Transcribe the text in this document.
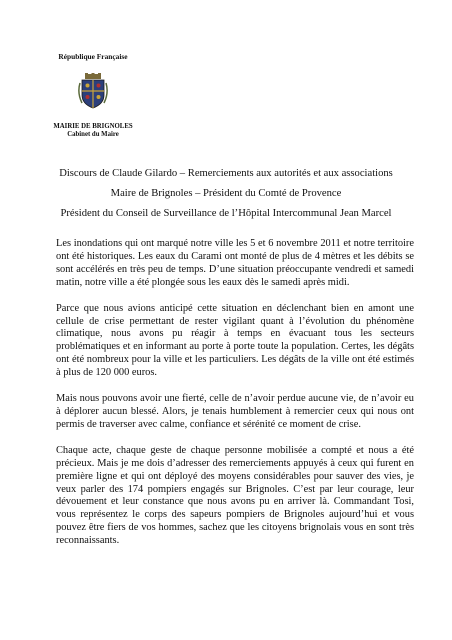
République Française
MAIRIE DE BRIGNOLES
Cabinet du Maire
Discours de Claude Gilardo – Remerciements aux autorités et aux associations
Maire de Brignoles – Président du Comté de Provence
Président du Conseil de Surveillance de l’Hôpital Intercommunal Jean Marcel

Les inondations qui ont marqué notre ville les 5 et 6 novembre 2011 et notre territoire ont été historiques. Les eaux du Carami ont monté de plus de 4 mètres et les débits se sont accélérés en très peu de temps. D’une situation préoccupante vendredi et samedi matin, notre ville a été plongée sous les eaux dès le samedi après midi.

Parce que nous avions anticipé cette situation en déclenchant bien en amont une cellule de crise permettant de rester vigilant quant à l’évolution du phénomène climatique, nous avons pu réagir à temps en évacuant tous les secteurs problématiques et en informant au porte à porte toute la population. Certes, les dégâts ont été nombreux pour la ville et les particuliers. Les dégâts de la ville ont été estimés à plus de 120 000 euros.

Mais nous pouvons avoir une fierté, celle de n’avoir perdue aucune vie, de n’avoir eu à déplorer aucun blessé. Alors, je tenais humblement à remercier ceux qui nous ont permis de traverser avec calme, confiance et sérénité ce moment de crise.

Chaque acte, chaque geste de chaque personne mobilisée a compté et nous a été précieux. Mais je me dois d’adresser des remerciements appuyés à ceux qui furent en première ligne et qui ont déployé des moyens considérables pour sauver des vies, je veux parler des 174 pompiers engagés sur Brignoles. C’est par leur courage, leur dévouement et leur constance que nous avons pu en arriver là. Commandant Tosi, vous représentez le corps des sapeurs pompiers de Brignoles aujourd’hui et vous pouvez être fiers de vos hommes, sachez que les citoyens brignolais vous en sont très reconnaissants.
